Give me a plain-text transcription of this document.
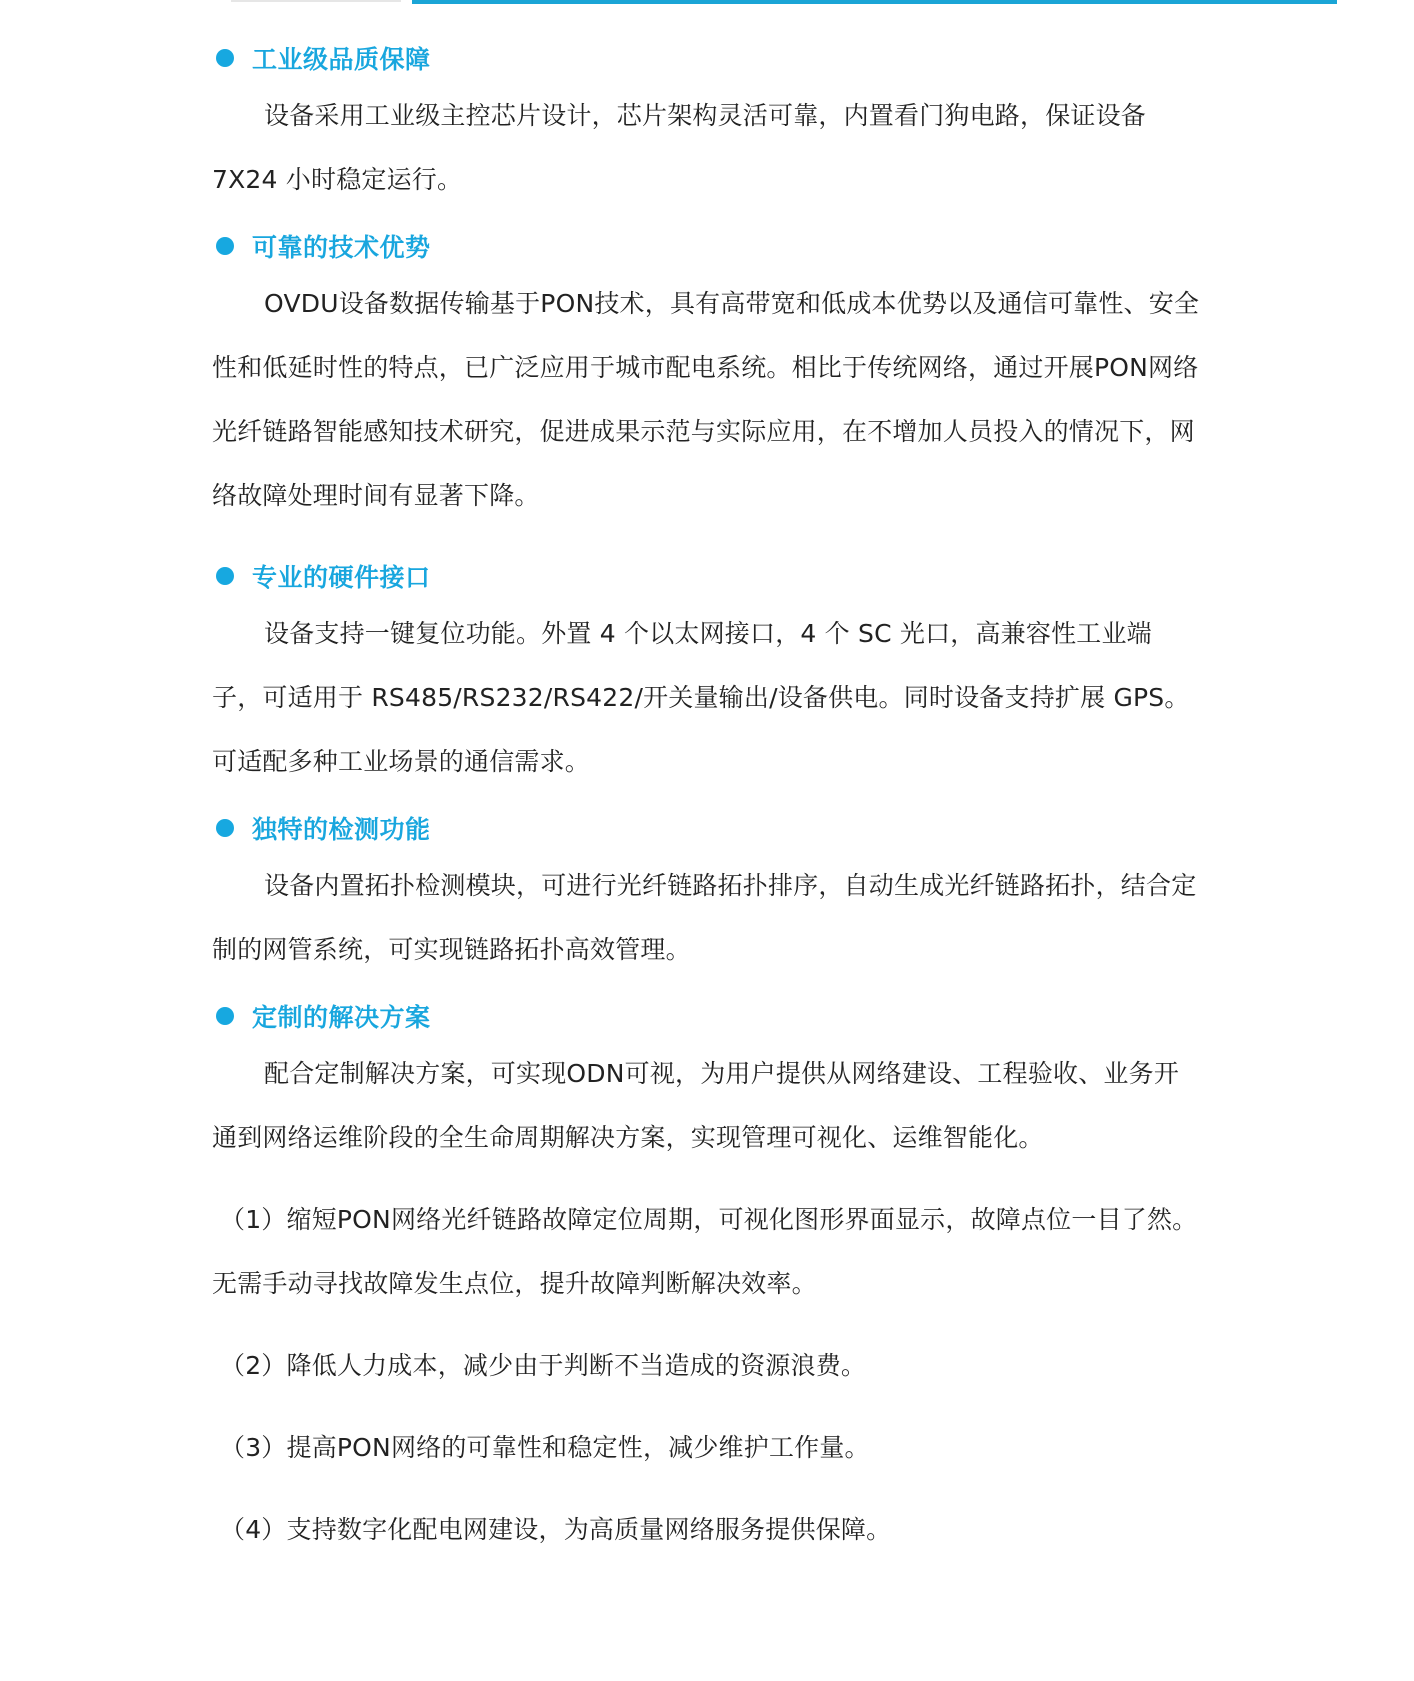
工业级品质保障

设备采用工业级主控芯片设计，芯片架构灵活可靠，内置看门狗电路，保证设备7X24 小时稳定运行。

可靠的技术优势

OVDU设备数据传输基于PON技术，具有高带宽和低成本优势以及通信可靠性、安全性和低延时性的特点，已广泛应用于城市配电系统。相比于传统网络，通过开展PON网络光纤链路智能感知技术研究，促进成果示范与实际应用，在不增加人员投入的情况下，网络故障处理时间有显著下降。

专业的硬件接口

设备支持一键复位功能。外置 4 个以太网接口，4 个 SC 光口，高兼容性工业端子，可适用于 RS485/RS232/RS422/开关量输出/设备供电。同时设备支持扩展 GPS。可适配多种工业场景的通信需求。

独特的检测功能

设备内置拓扑检测模块，可进行光纤链路拓扑排序，自动生成光纤链路拓扑，结合定制的网管系统，可实现链路拓扑高效管理。

定制的解决方案

配合定制解决方案，可实现ODN可视，为用户提供从网络建设、工程验收、业务开通到网络运维阶段的全生命周期解决方案，实现管理可视化、运维智能化。

（1）缩短PON网络光纤链路故障定位周期，可视化图形界面显示，故障点位一目了然。无需手动寻找故障发生点位，提升故障判断解决效率。

（2）降低人力成本，减少由于判断不当造成的资源浪费。

（3）提高PON网络的可靠性和稳定性，减少维护工作量。

（4）支持数字化配电网建设，为高质量网络服务提供保障。
